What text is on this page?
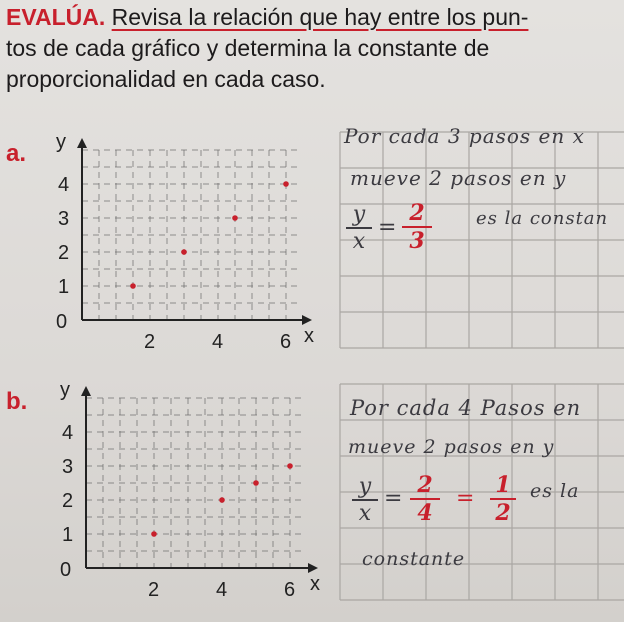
EVALÚA. Revisa la relación que hay entre los pun-
tos de cada gráfico y determina la constante de
proporcionalidad en cada caso.
a. y
x
0
2	4	6
1
2
3
4
b. y
x
0
2	4	6
1
2
3
4
Por cada 3 pasos en x
mueve 2 pasos en y
$\frac{y}{x} = \frac{2}{3}$ es la constan
Por cada 4 Pasos en
mueve 2 pasos en y
$\frac{y}{x} = \frac{2}{4} = \frac{1}{2}$ es la
constante
